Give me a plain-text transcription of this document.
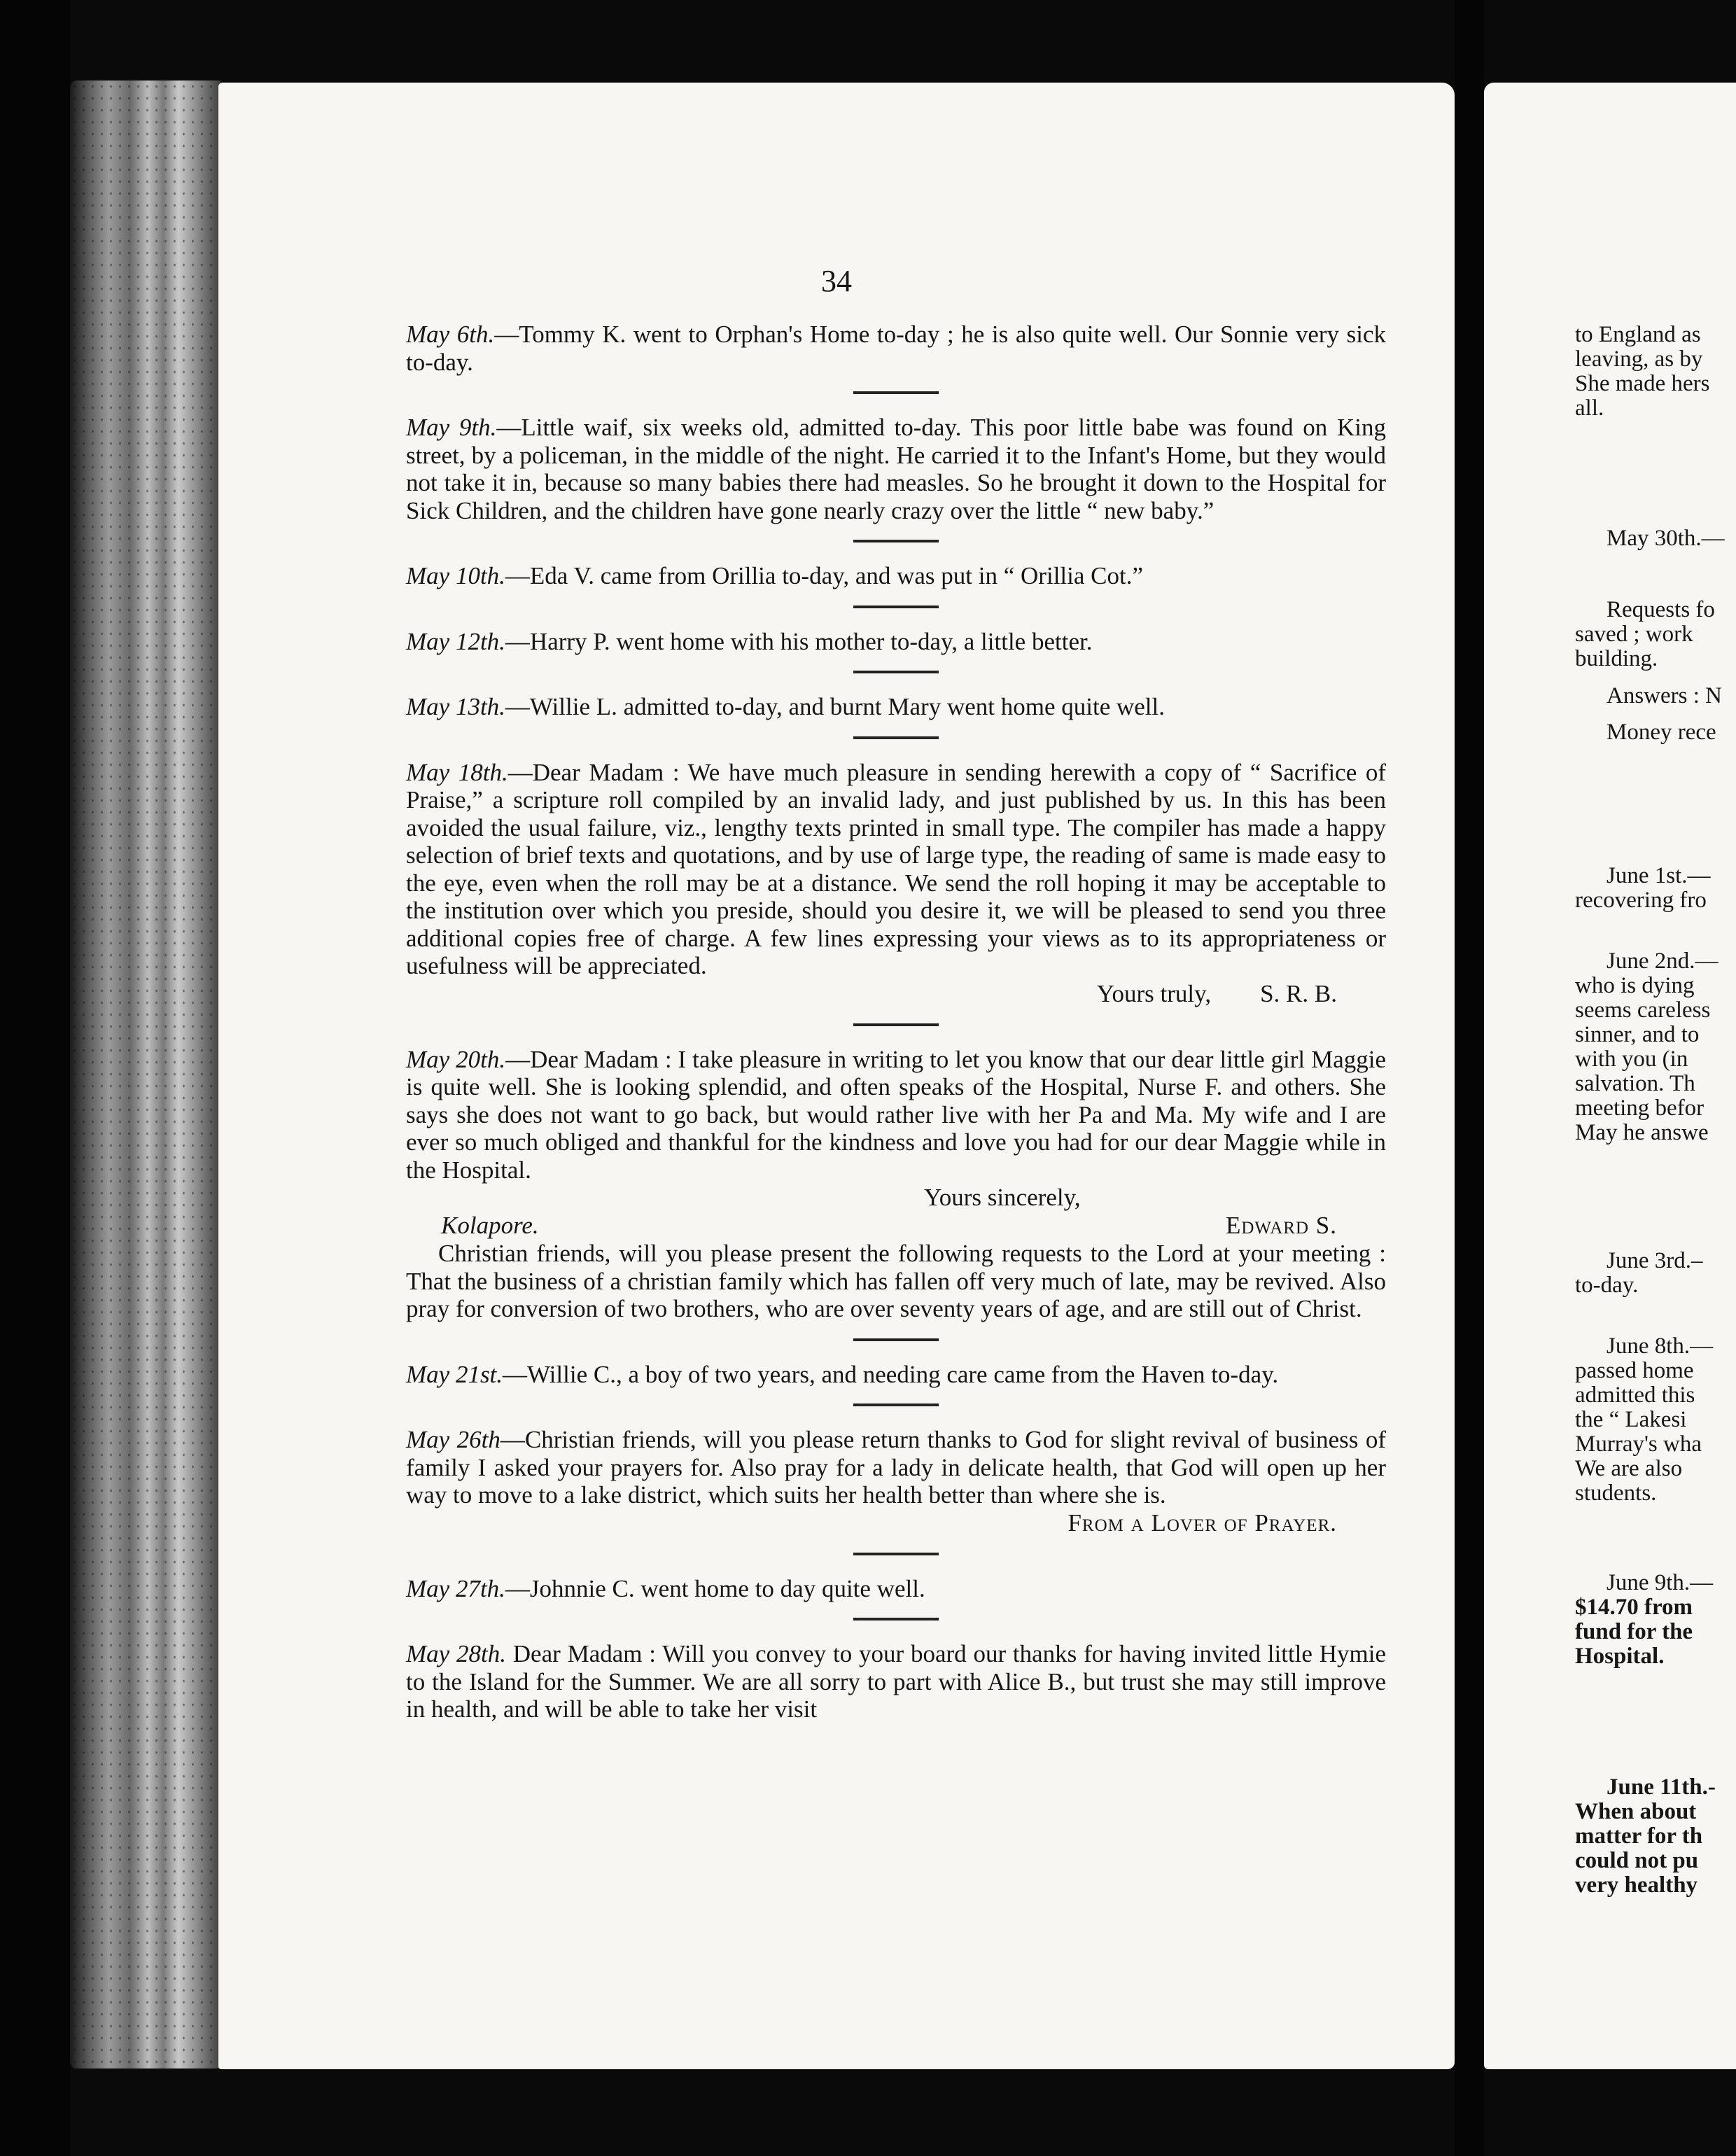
34

May 6th.—Tommy K. went to Orphan's Home to-day ; he is also quite well. Our Sonnie very sick to-day.

May 9th.—Little waif, six weeks old, admitted to-day. This poor little babe was found on King street, by a policeman, in the middle of the night. He carried it to the Infant's Home, but they would not take it in, because so many babies there had measles. So he brought it down to the Hospital for Sick Children, and the children have gone nearly crazy over the little “ new baby.”

May 10th.—Eda V. came from Orillia to-day, and was put in “ Orillia Cot.”

May 12th.—Harry P. went home with his mother to-day, a little better.

May 13th.—Willie L. admitted to-day, and burnt Mary went home quite well.

May 18th.—Dear Madam : We have much pleasure in sending herewith a copy of “ Sacrifice of Praise,” a scripture roll compiled by an invalid lady, and just published by us. In this has been avoided the usual failure, viz., lengthy texts printed in small type. The compiler has made a happy selection of brief texts and quotations, and by use of large type, the reading of same is made easy to the eye, even when the roll may be at a distance. We send the roll hoping it may be acceptable to the institution over which you preside, should you desire it, we will be pleased to send you three additional copies free of charge. A few lines expressing your views as to its appropriateness or usefulness will be appreciated.

Yours truly, S. R. B.

May 20th.—Dear Madam : I take pleasure in writing to let you know that our dear little girl Maggie is quite well. She is looking splendid, and often speaks of the Hospital, Nurse F. and others. She says she does not want to go back, but would rather live with her Pa and Ma. My wife and I are ever so much obliged and thankful for the kindness and love you had for our dear Maggie while in the Hospital.

Yours sincerely,
Kolapore.	Edward S.

Christian friends, will you please present the following requests to the Lord at your meeting : That the business of a christian family which has fallen off very much of late, may be revived. Also pray for conversion of two brothers, who are over seventy years of age, and are still out of Christ.

May 21st.—Willie C., a boy of two years, and needing care came from the Haven to-day.

May 26th—Christian friends, will you please return thanks to God for slight revival of business of family I asked your prayers for. Also pray for a lady in delicate health, that God will open up her way to move to a lake district, which suits her health better than where she is.

From a Lover of Prayer.

May 27th.—Johnnie C. went home to day quite well.

May 28th. Dear Madam : Will you convey to your board our thanks for having invited little Hymie to the Island for the Summer. We are all sorry to part with Alice B., but trust she may still improve in health, and will be able to take her visit

to England as
leaving, as by
She made hers
all.
May 30th.—
Requests fo
saved ; work
building.
Answers : N
Money rece
June 1st.—
recovering fro
June 2nd.—
who is dying
seems careless
sinner, and to
with you (in
salvation. Th
meeting befor
May he answe
June 3rd.–
to-day.
June 8th.—
passed home
admitted this
the “ Lakesi
Murray's wha
We are also
students.
June 9th.—
$14.70 from
fund for the
Hospital.
June 11th.-
When about
matter for th
could not pu
very healthy
